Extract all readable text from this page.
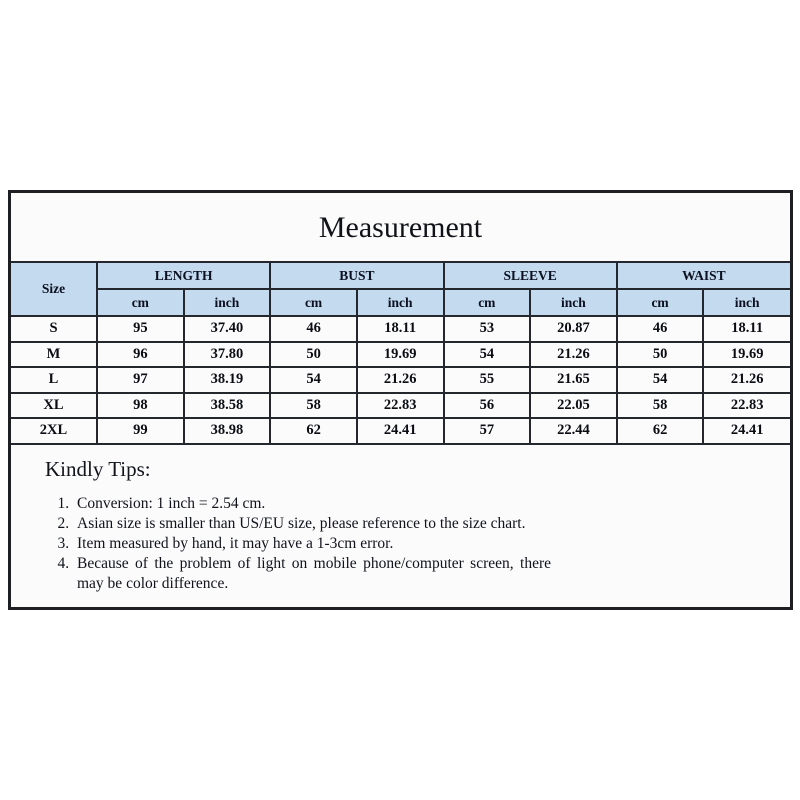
Measurement
Size	LENGTH		BUST		SLEEVE		WAIST	
	cm	inch	cm	inch	cm	inch	cm	inch
S	95	37.40	46	18.11	53	20.87	46	18.11
M	96	37.80	50	19.69	54	21.26	50	19.69
L	97	38.19	54	21.26	55	21.65	54	21.26
XL	98	38.58	58	22.83	56	22.05	58	22.83
2XL	99	38.98	62	24.41	57	22.44	62	24.41
Kindly Tips:
1. Conversion: 1 inch = 2.54 cm.
2. Asian size is smaller than US/EU size, please reference to the size chart.
3. Item measured by hand, it may have a 1-3cm error.
4. Because of the problem of light on mobile phone/computer screen, there may be color difference.
